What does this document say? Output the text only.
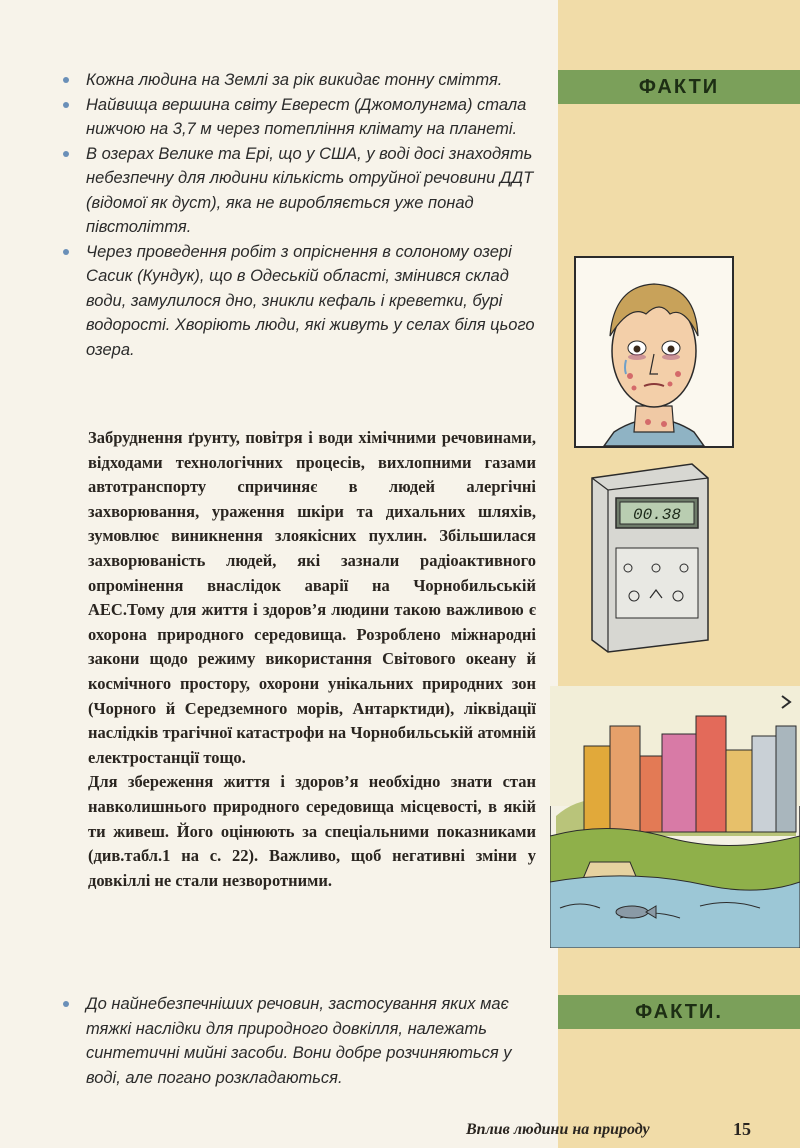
ФАКТИ

Кожна людина на Землі за рік викидає тонну сміття.

Найвища вершина світу Еверест (Джомолунгма) стала нижчою на 3,7 м через потепління клімату на планеті.

В озерах Велике та Ері, що у США, у воді досі знаходять небезпечну для людини кількість отруйної речовини ДДТ (відомої як дуст), яка не виробляється уже понад півстоліття.

Через проведення робіт з опріснення в солоному озері Сасик (Кундук), що в Одеській області, змінився склад води, замулилося дно, зникли кефаль і креветки, бурі водорості. Хворіють люди, які живуть у селах біля цього озера.

Забруднення ґрунту, повітря і води хімічними речовинами, відходами технологічних процесів, вихлопними газами автотранспорту спричиняє в людей алергічні захворювання, ураження шкіри та дихальних шляхів, зумовлює виникнення злоякісних пухлин. Збільшилася захворюваність людей, які зазнали радіоактивного опромінення внаслідок аварії на Чорнобильській АЕС.Тому для життя і здоров’я людини такою важливою є охорона природного середовища. Розроблено міжнародні закони щодо режиму використання Світового океану й космічного простору, охорони унікальних природних зон (Чорного й Середземного морів, Антарктиди), ліквідації наслідків трагічної катастрофи на Чорнобильській атомній електростанції тощо.

Для збереження життя і здоров’я необхідно знати стан навколишнього природного середовища місцевості, в якій ти живеш. Його оцінюють за спеціальними показниками (див.табл.1 на с. 22). Важливо, щоб негативні зміни у довкіллі не стали незворотними.

ФАКТИ.

До найнебезпечніших речовин, застосування яких має тяжкі наслідки для природного довкілля, належать синтетичні мийні засоби. Вони добре розчиняються у воді, але погано розкладаються.

00.38
Вплив людини на природу	15
